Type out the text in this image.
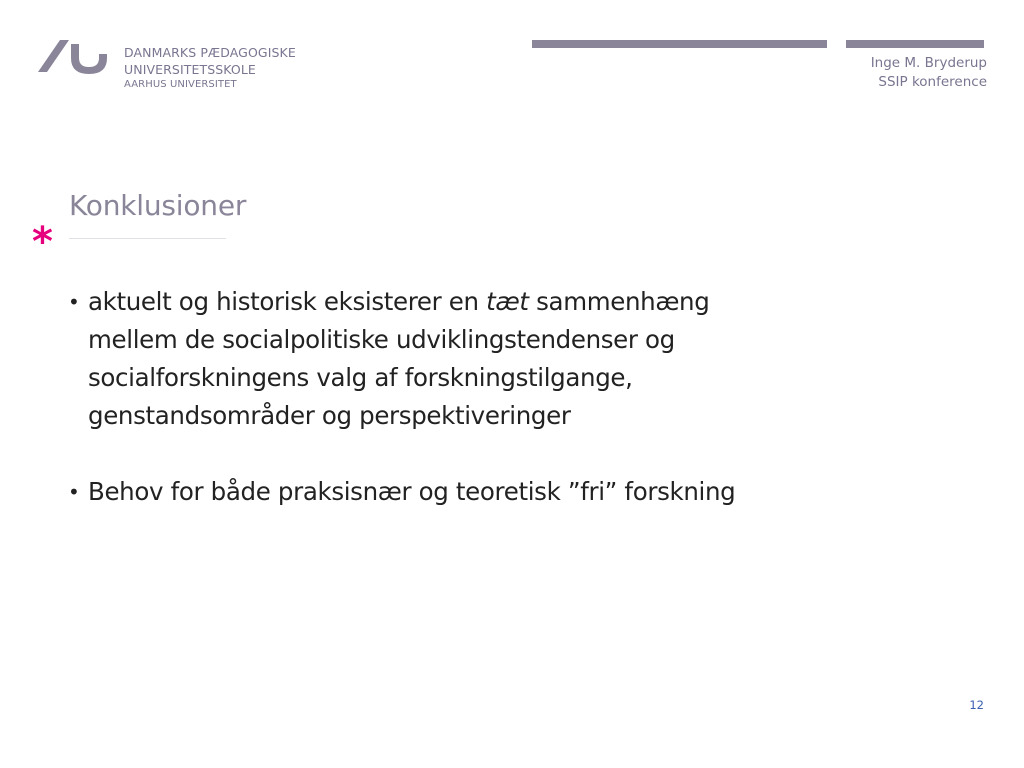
DANMARKS PÆDAGOGISKE
UNIVERSITETSSKOLE
AARHUS UNIVERSITET
Inge M. Bryderup
SSIP konference
*
Konklusioner
• aktuelt og historisk eksisterer en tæt sammenhæng
mellem de socialpolitiske udviklingstendenser og
socialforskningens valg af forskningstilgange,
genstandsområder og perspektiveringer
• Behov for både praksisnær og teoretisk ”fri” forskning
12
